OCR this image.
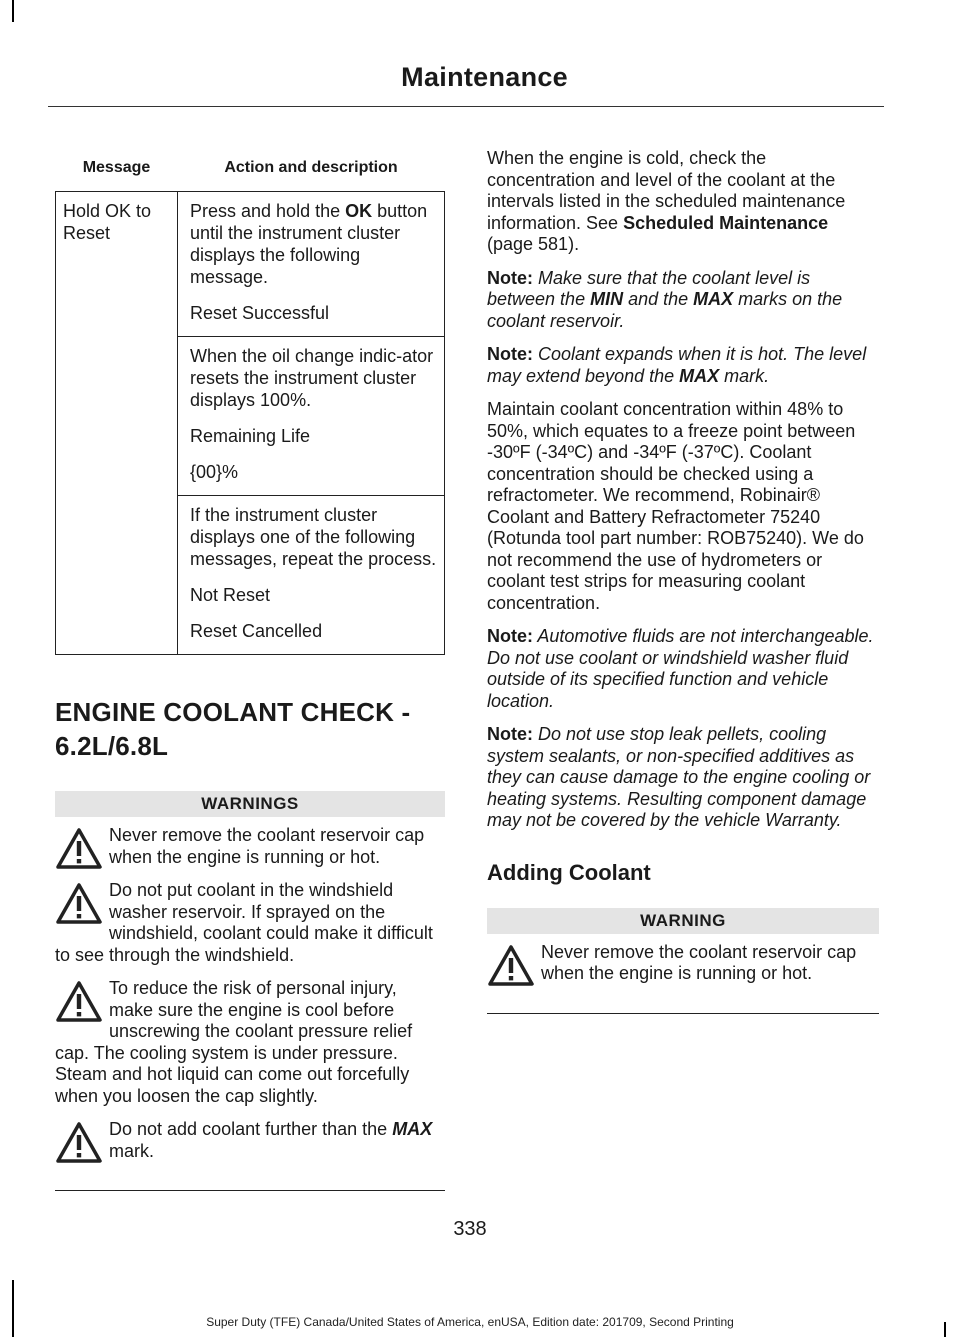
Maintenance
Message	Action and description
Hold OK to Reset	Press and hold the OK button until the instrument cluster displays the following message.

Reset Successful

	When the oil change indic-ator resets the instrument cluster displays 100%.

Remaining Life

{00}%

	If the instrument cluster displays one of the following messages, repeat the process.

Not Reset

Reset Cancelled

ENGINE COOLANT CHECK - 6.2L/6.8L
WARNINGS
Never remove the coolant reservoir cap when the engine is running or hot.
Do not put coolant in the windshield washer reservoir. If sprayed on the windshield, coolant could make it difficult to see through the windshield.
To reduce the risk of personal injury, make sure the engine is cool before unscrewing the coolant pressure relief cap. The cooling system is under pressure. Steam and hot liquid can come out forcefully when you loosen the cap slightly.
Do not add coolant further than the MAX mark.

When the engine is cold, check the concentration and level of the coolant at the intervals listed in the scheduled maintenance information. See Scheduled Maintenance (page 581).

Note: Make sure that the coolant level is between the MIN and the MAX marks on the coolant reservoir.

Note: Coolant expands when it is hot. The level may extend beyond the MAX mark.

Maintain coolant concentration within 48% to 50%, which equates to a freeze point between -30ºF (-34ºC) and -34ºF (-37ºC). Coolant concentration should be checked using a refractometer. We recommend, Robinair® Coolant and Battery Refractometer 75240 (Rotunda tool part number: ROB75240). We do not recommend the use of hydrometers or coolant test strips for measuring coolant concentration.

Note: Automotive fluids are not interchangeable. Do not use coolant or windshield washer fluid outside of its specified function and vehicle location.

Note: Do not use stop leak pellets, cooling system sealants, or non-specified additives as they can cause damage to the engine cooling or heating systems. Resulting component damage may not be covered by the vehicle Warranty.

Adding Coolant
WARNING
Never remove the coolant reservoir cap when the engine is running or hot.
338
Super Duty (TFE) Canada/United States of America, enUSA, Edition date: 201709, Second Printing
